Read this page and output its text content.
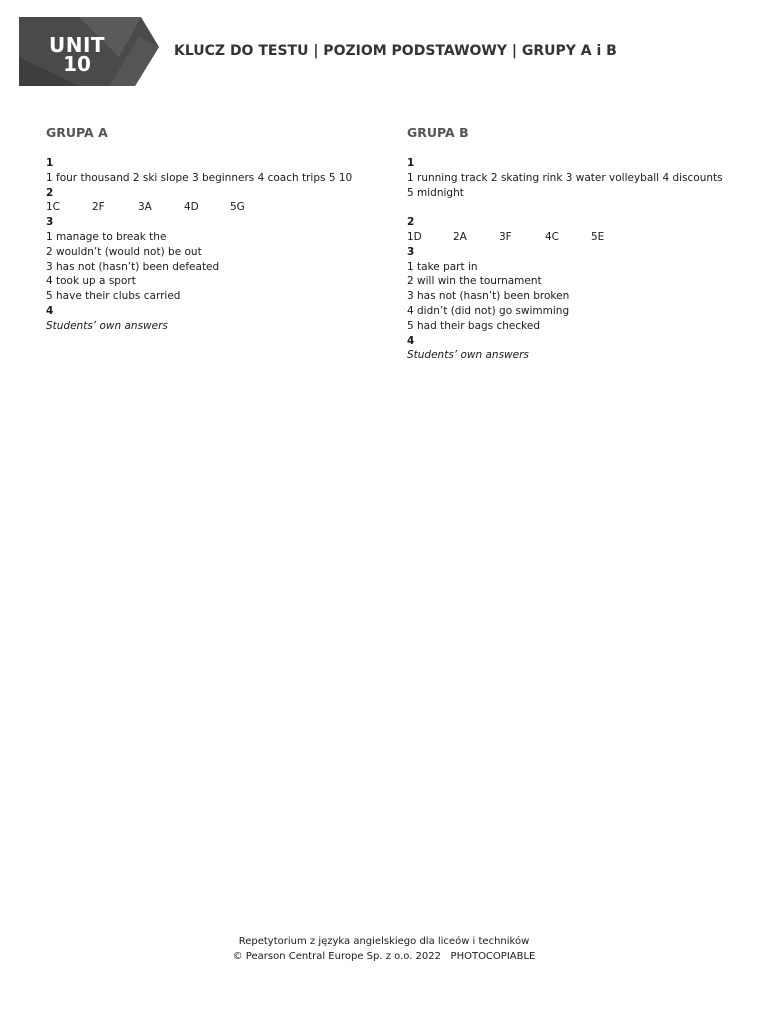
UNIT
10
KLUCZ DO TESTU | POZIOM PODSTAWOWY | GRUPY A i B
GRUPA A
1
1 four thousand 2 ski slope 3 beginners 4 coach trips 5 10
2
1C	2F	3A	4D	5G
3
1 manage to break the
2 wouldn’t (would not) be out
3 has not (hasn’t) been defeated
4 took up a sport
5 have their clubs carried
4
Students’ own answers
GRUPA B
1
1 running track 2 skating rink 3 water volleyball 4 discounts
5 midnight
2
1D	2A	3F	4C	5E
3
1 take part in
2 will win the tournament
3 has not (hasn’t) been broken
4 didn’t (did not) go swimming
5 had their bags checked
4
Students’ own answers
Repetytorium z języka angielskiego dla liceów i techników
© Pearson Central Europe Sp. z o.o. 2022   PHOTOCOPIABLE
